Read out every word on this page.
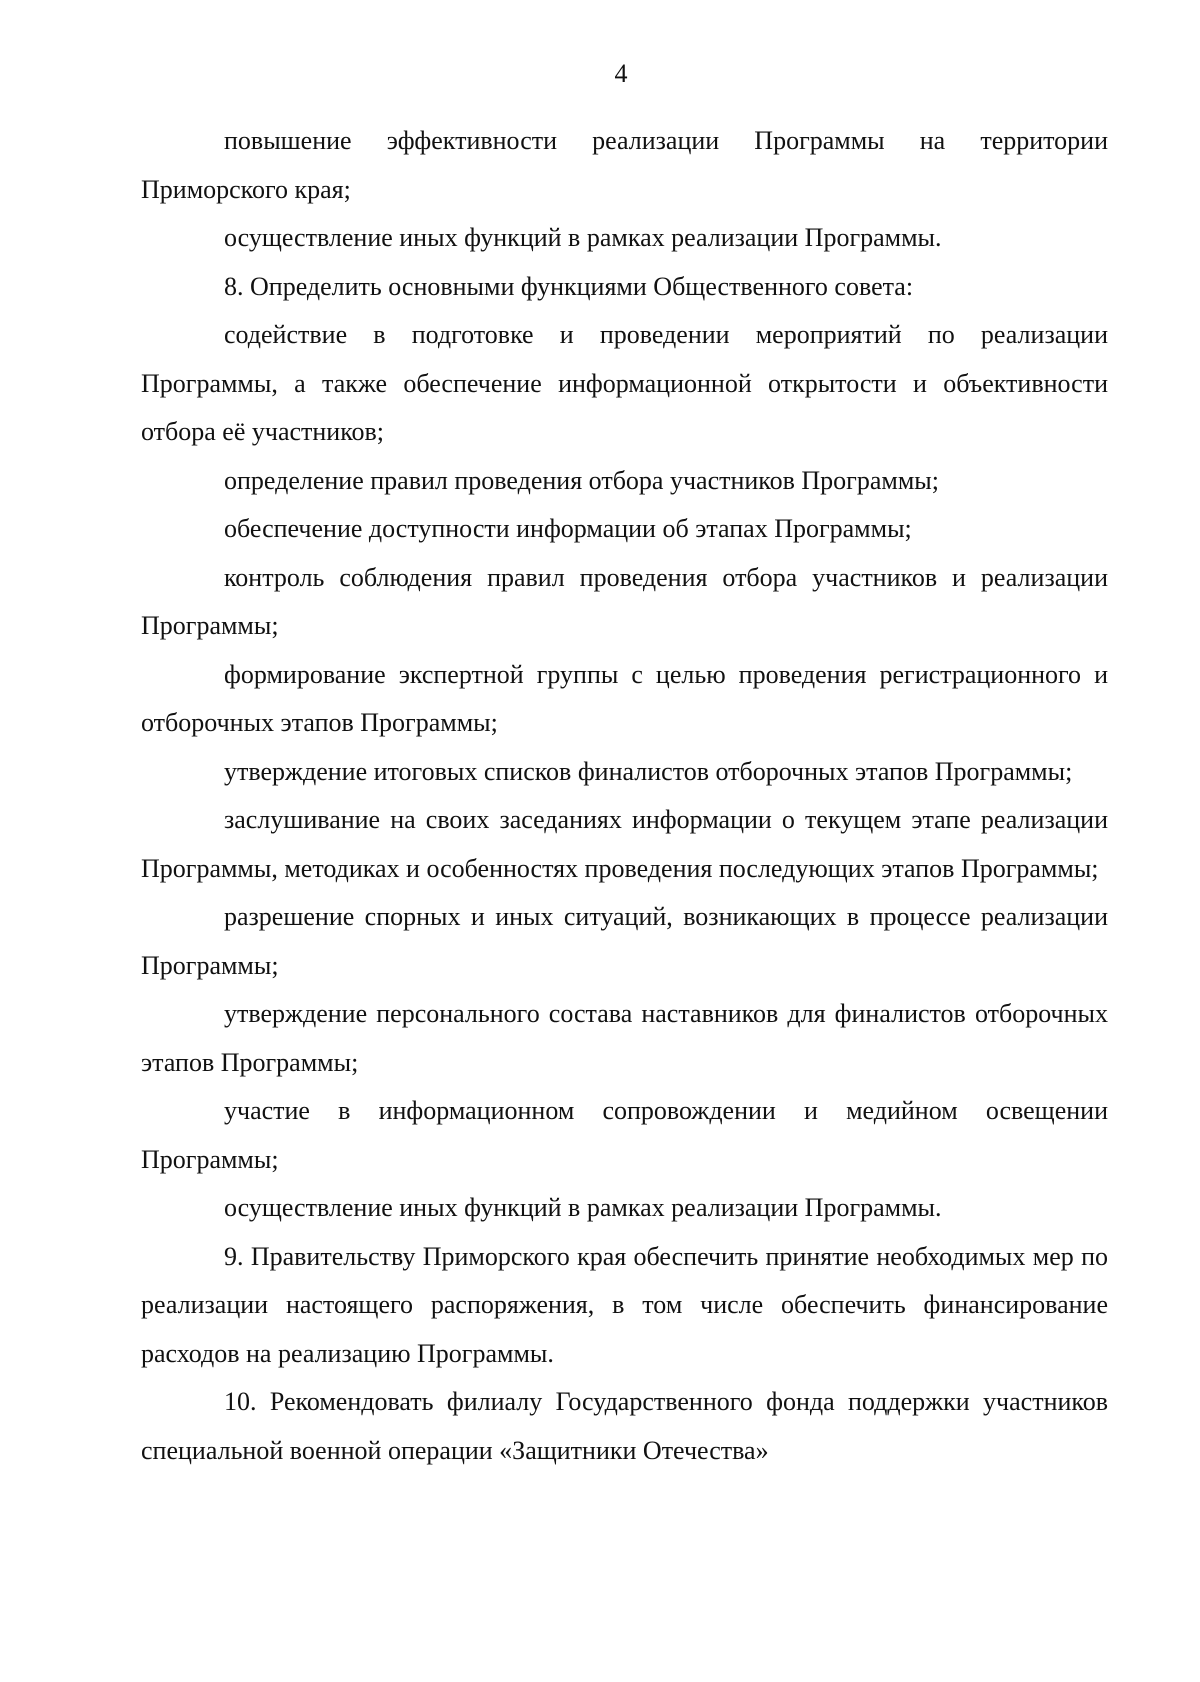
4

повышение эффективности реализации Программы на территории Приморского края;

осуществление иных функций в рамках реализации Программы.

8. Определить основными функциями Общественного совета:

содействие в подготовке и проведении мероприятий по реализации Программы, а также обеспечение информационной открытости и объективности отбора её участников;

определение правил проведения отбора участников Программы;

обеспечение доступности информации об этапах Программы;

контроль соблюдения правил проведения отбора участников и реализации Программы;

формирование экспертной группы с целью проведения регистрационного и отборочных этапов Программы;

утверждение итоговых списков финалистов отборочных этапов Программы;

заслушивание на своих заседаниях информации о текущем этапе реализации Программы, методиках и особенностях проведения последующих этапов Программы;

разрешение спорных и иных ситуаций, возникающих в процессе реализации Программы;

утверждение персонального состава наставников для финалистов отборочных этапов Программы;

участие в информационном сопровождении и медийном освещении Программы;

осуществление иных функций в рамках реализации Программы.

9. Правительству Приморского края обеспечить принятие необходимых мер по реализации настоящего распоряжения, в том числе обеспечить финансирование расходов на реализацию Программы.

10. Рекомендовать филиалу Государственного фонда поддержки участников специальной военной операции «Защитники Отечества»
